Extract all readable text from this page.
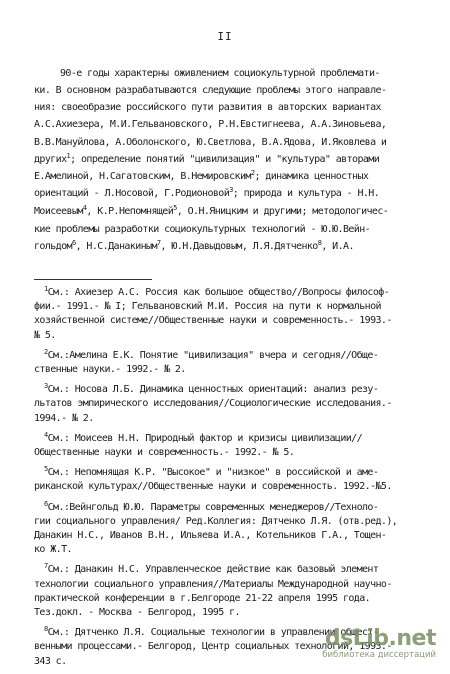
II
90-е годы характерны оживлением социокультурной проблемати-
ки. В основном разрабатываются следующие проблемы этого направле-
ния: своеобразие российского пути развития в авторских вариантах
А.С.Ахиезера, М.И.Гельвановского, Р.Н.Евстигнеева, А.А.Зиновьева,
В.В.Мануйлова, А.Оболонского, Ю.Светлова, В.А.Ядова, И.Яковлева и
других$^1$; определение понятий "цивилизация" и "культура" авторами
Е.Амелиной, Н.Сагатовским, В.Немировским$^2$; динамика ценностных
ориентаций - Л.Носовой, Г.Родионовой$^3$; природа и культура - Н.Н.
Моисеевым$^4$, К.Р.Непомнящей$^5$, О.Н.Яницким и другими; методологичес-
кие проблемы разработки социокультурных технологий - Ю.Ю.Вейн-
гольдом$^6$, Н.С.Данакиным$^7$, Ю.Н.Давыдовым, Л.Я.Дятченко$^8$, И.А.
$^1$См.: Ахиезер А.С. Россия как большое общество//Вопросы философ-
фии.- 1991.- № I; Гельвановский М.И. Россия на пути к нормальной
хозяйственной системе//Общественные науки и современность.- 1993.-
№ 5.
$^2$См.:Амелина Е.К. Понятие "цивилизация" вчера и сегодня//Обще-
ственные науки.- 1992.- № 2.
$^3$См.: Носова Л.Б. Динамика ценностных ориентаций: анализ резу-
льтатов эмпирического исследования//Социологические исследования.-
1994.- № 2.
$^4$См.: Моисеев Н.Н. Природный фактор и кризисы цивилизации//
Общественные науки и современность.- 1992.- № 5.
$^5$См.: Непомнящая К.Р. "Высокое" и "низкое" в российской и аме-
риканской культурах//Общественные науки и современность. 1992.-№5.
$^6$См.:Вейнгольд Ю.Ю. Параметры современных менеджеров//Техноло-
гии социального управления/ Ред.Коллегия: Дятченко Л.Я. (отв.ред.),
Данакин Н.С., Иванов В.Н., Ильяева И.А., Котельников Г.А., Тощен-
ко Ж.Т.
$^7$См.: Данакин Н.С. Управленческое действие как базовый элемент
технологии социального управления//Материалы Международной научно-
практической конференции в г.Белгороде 21-22 апреля 1995 года.
Тез.докл. - Москва - Белгород, 1995 г.
$^8$См.: Дятченко Л.Я. Социальные технологии в управлении общест-
венными процессами.- Белгород, Центр социальных технологий, 1993.-
343 с.
dsLib.net
библиотека диссертаций
